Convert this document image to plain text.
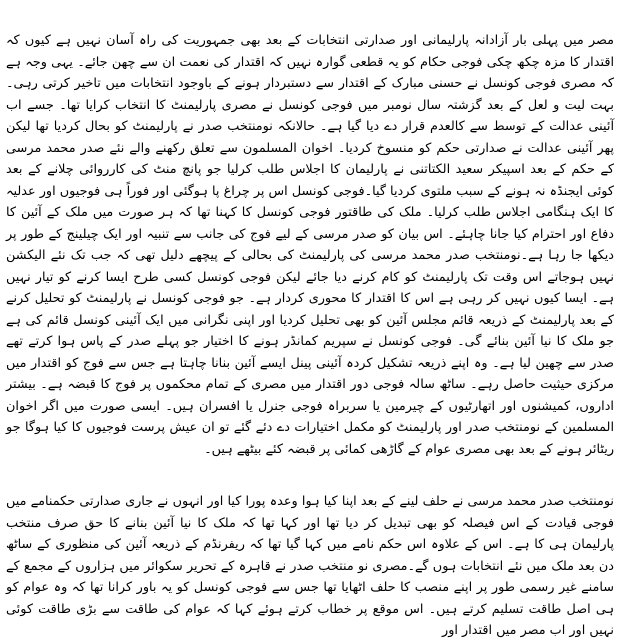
مصر میں پہلی بار آزادانہ پارلیمانی اور صدارتی انتخابات کے بعد بھی جمہوریت کی راہ آسان نہیں ہے کیوں کہ اقتدار کا مزہ چکھ چکی فوجی حکام کو یہ قطعی گوارہ نہیں کہ اقتدار کی نعمت ان سے چھن جائے۔ یہی وجہ ہے کہ مصری فوجی کونسل نے حسنی مبارک کے اقتدار سے دستبردار ہونے کے باوجود انتخابات میں تاخیر کرتی رہی۔ بہت لیت و لعل کے بعد گزشتہ سال نومبر میں فوجی کونسل نے مصری پارلیمنٹ کا انتخاب کرایا تھا۔ جسے اب آئینی عدالت کے توسط سے کالعدم قرار دے دیا گیا ہے۔ حالانکہ نومنتخب صدر نے پارلیمنٹ کو بحال کردیا تھا لیکن پھر آئینی عدالت نے صدارتی حکم کو منسوخ کردیا۔ اخوان المسلمون سے تعلق رکھنے والے نئے صدر محمد مرسی کے حکم کے بعد اسپیکر سعید الکتاتنی نے پارلیمان کا اجلاس طلب کرلیا جو پانچ منٹ کی کارروائی چلانے کے بعد کوئی ایجنڈہ نہ ہونے کے سبب ملتوی کردیا گیا۔فوجی کونسل اس پر چراغ پا ہوگئی اور فوراً ہی فوجیوں اور عدلیہ کا ایک ہنگامی اجلاس طلب کرلیا۔ ملک کی طاقتور فوجی کونسل کا کہنا تھا کہ ہر صورت میں ملک کے آئین کا دفاع اور احترام کیا جانا چاہئے۔ اس بیان کو صدر مرسی کے لیے فوج کی جانب سے تنبیہ اور ایک چیلینج کے طور پر دیکھا جا رہا ہے۔نومنتخب صدر محمد مرسی کی پارلیمنٹ کی بحالی کے پیچھے دلیل تھی کہ جب تک نئے الیکشن نہیں ہوجاتے اس وقت تک پارلیمنٹ کو کام کرنے دیا جائے لیکن فوجی کونسل کسی طرح ایسا کرنے کو تیار نہیں ہے۔ ایسا کیوں نہیں کر رہی ہے اس کا اقتدار کا محوری کردار ہے۔ جو فوجی کونسل نے پارلیمنٹ کو تحلیل کرنے کے بعد پارلیمنٹ کے ذریعہ قائم مجلس آئین کو بھی تحلیل کردیا اور اپنی نگرانی میں ایک آئینی کونسل قائم کی ہے جو ملک کا نیا آئین بنائے گی۔ فوجی کونسل نے سپریم کمانڈر ہونے کا اختیار جو پہلے صدر کے پاس ہوا کرتے تھے صدر سے چھین لیا ہے۔ وہ اپنے ذریعہ تشکیل کردہ آئینی پینل ایسے آئین بنانا چاہتا ہے جس سے فوج کو اقتدار میں مرکزی حیثیت حاصل رہے۔ ساٹھ سالہ فوجی دور اقتدار میں مصری کے تمام محکموں پر فوج کا قبضہ ہے۔ بیشتر اداروں، کمیشنوں اور اتھارٹیوں کے چیرمین یا سربراہ فوجی جنرل یا افسران ہیں۔ ایسی صورت میں اگر اخوان المسلمین کے نومنتخب صدر اور پارلیمنٹ کو مکمل اختیارات دے دئے گئے تو ان عیش پرست فوجیوں کا کیا ہوگا جو ریٹائر ہونے کے بعد بھی مصری عوام کے گاڑھی کمائی پر قبضہ کئے بیٹھے ہیں۔

نومنتخب صدر محمد مرسی نے حلف لینے کے بعد اپنا کیا ہوا وعدہ پورا کیا اور انہوں نے جاری صدارتی حکمنامے میں فوجی قیادت کے اس فیصلہ کو بھی تبدیل کر دیا تھا اور کہا تھا کہ ملک کا نیا آئین بنانے کا حق صرف منتخب پارلیمان ہی کا ہے۔ اس کے علاوہ اس حکم نامے میں کہا گیا تھا کہ ریفرنڈم کے ذریعہ آئین کی منظوری کے ساٹھ دن بعد ملک میں نئے انتخابات ہوں گے۔مصری نو منتخب صدر نے قاہرہ کے تحریر سکوائر میں ہزاروں کے مجمع کے سامنے غیر رسمی طور پر اپنے منصب کا حلف اٹھایا تھا جس سے فوجی کونسل کو یہ باور کرانا تھا کہ وہ عوام کو ہی اصل طاقت تسلیم کرتے ہیں۔ اس موقع پر خطاب کرتے ہوئے کہا کہ عوام کی طاقت سے بڑی طاقت کوئی نہیں اور اب مصر میں اقتدار اور
